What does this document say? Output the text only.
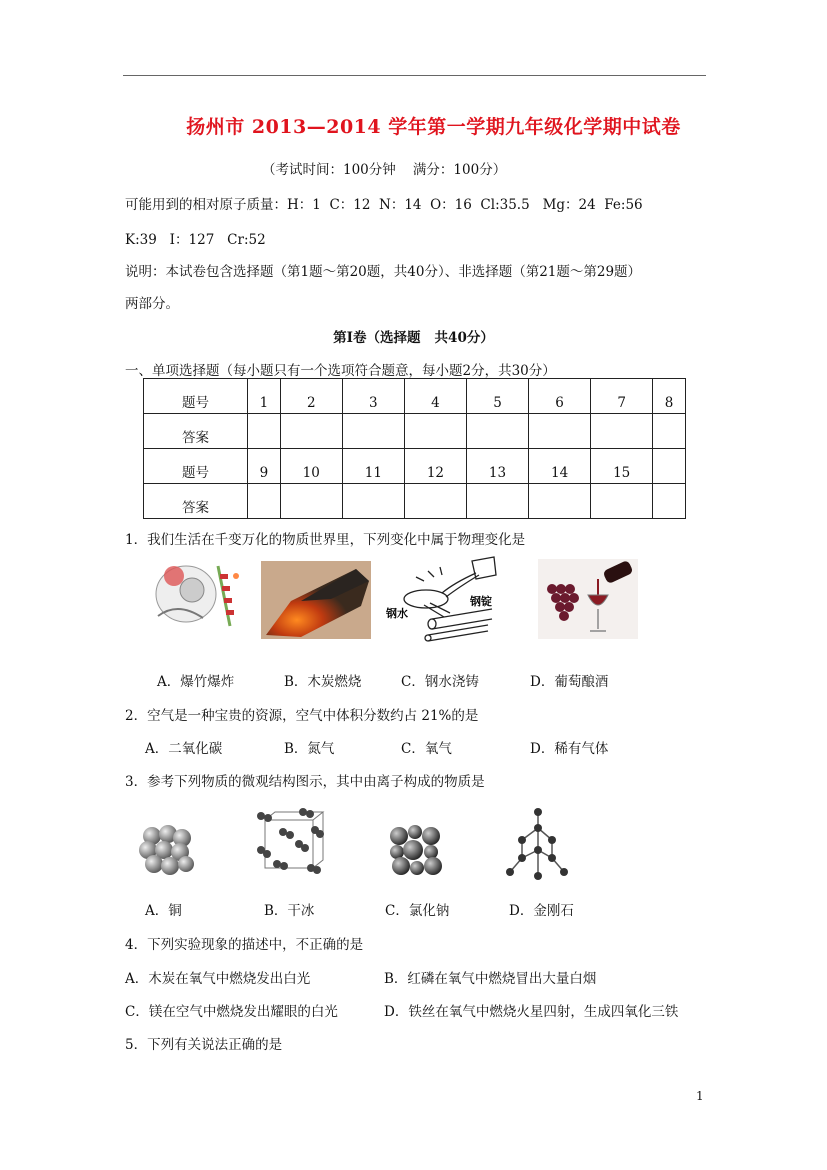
扬州市 2013—2014 学年第一学期九年级化学期中试卷
（考试时间：100分钟    满分：100分）
可能用到的相对原子质量：H：1  C：12  N：14  O：16  Cl:35.5   Mg：24  Fe:56
K:39   I：127   Cr:52
说明：本试卷包含选择题（第1题～第20题，共40分）、非选择题（第21题～第29题）
两部分。
第Ⅰ卷（选择题   共40分）
一、单项选择题（每小题只有一个选项符合题意，每小题2分，共30分）
题号	1	2	3	4	5	6	7	8
答案								
题号	9	10	11	12	13	14	15	
答案								
1．我们生活在千变万化的物质世界里，下列变化中属于物理变化是
钢水
钢锭
A．爆竹爆炸	B．木炭燃烧	C．钢水浇铸	D．葡萄酿酒
2．空气是一种宝贵的资源，空气中体积分数约占 21%的是
A．二氧化碳	B．氮气	C．氧气	D．稀有气体
3．参考下列物质的微观结构图示，其中由离子构成的物质是
A．铜	B．干冰	C．氯化钠	D．金刚石
4．下列实验现象的描述中，不正确的是
A．木炭在氧气中燃烧发出白光	B．红磷在氧气中燃烧冒出大量白烟
C．镁在空气中燃烧发出耀眼的白光	D．铁丝在氧气中燃烧火星四射，生成四氧化三铁
5．下列有关说法正确的是
1
